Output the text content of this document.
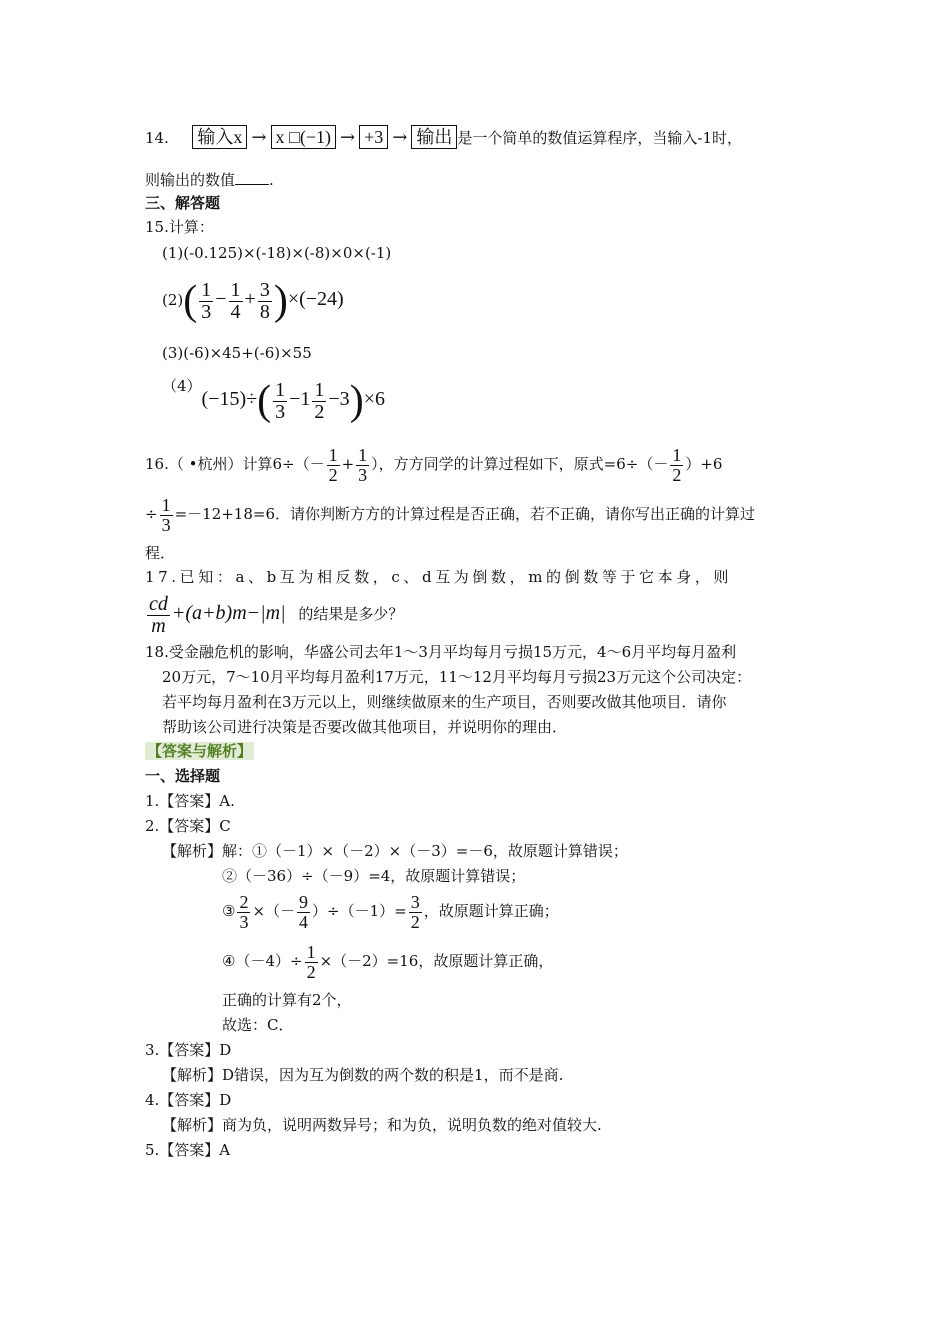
14. 输入x → x □(−1) → +3 → 输出 是一个简单的数值运算程序，当输入-1时，
则输出的数值 .
三、解答题
15.计算：
(1)(-0.125)×(-18)×(-8)×0×(-1)
$(2)( \frac{1}{3} - \frac{1}{4} + \frac{3}{8} )\times(-24)$
(3)(-6)×45+(-6)×55
$(4)(-15)\div( \frac{1}{3} -1 \frac{1}{2} -3)\times 6$
16.（ •杭州）计算$6\div(- \frac{1}{2} + \frac{1}{3}$ ），方方同学的计算过程如下，原式$=6\div(- \frac{1}{2} )+6$
÷ $\frac{1}{3} =-12+18=6$．请你判断方方的计算过程是否正确，若不正确，请你写出正确的计算过
程．
17.已知：a、b互为相反数，c、d互为倒数，m的倒数等于它本身，则
$\frac{cd}{m} +(a+b)m-|m|$ 的结果是多少？
18.受金融危机的影响，华盛公司去年1～3月平均每月亏损15万元，4～6月平均每月盈利
20万元，7～10月平均每月盈利17万元，11～12月平均每月亏损23万元这个公司决定：
若平均每月盈利在3万元以上，则继续做原来的生产项目，否则要改做其他项目．请你
帮助该公司进行决策是否要改做其他项目，并说明你的理由．
【答案与解析】
一、选择题
1.【答案】A.
2.【答案】C
【解析】解：①（－1）×（－2）×（－3）=－6，故原题计算错误；
②（－36）÷（－9）=4，故原题计算错误；
③ $\frac{2}{3}$ ×（－ $\frac{9}{4} )\div(-1)= \frac{3}{2}$ ，故原题计算正确；
④（－4）÷ $\frac{1}{2} \times(-2)=16$，故原题计算正确，
正确的计算有2个，
故选：C．
3.【答案】D
【解析】D错误，因为互为倒数的两个数的积是1，而不是商.
4.【答案】D
【解析】商为负，说明两数异号；和为负，说明负数的绝对值较大.
5.【答案】A
